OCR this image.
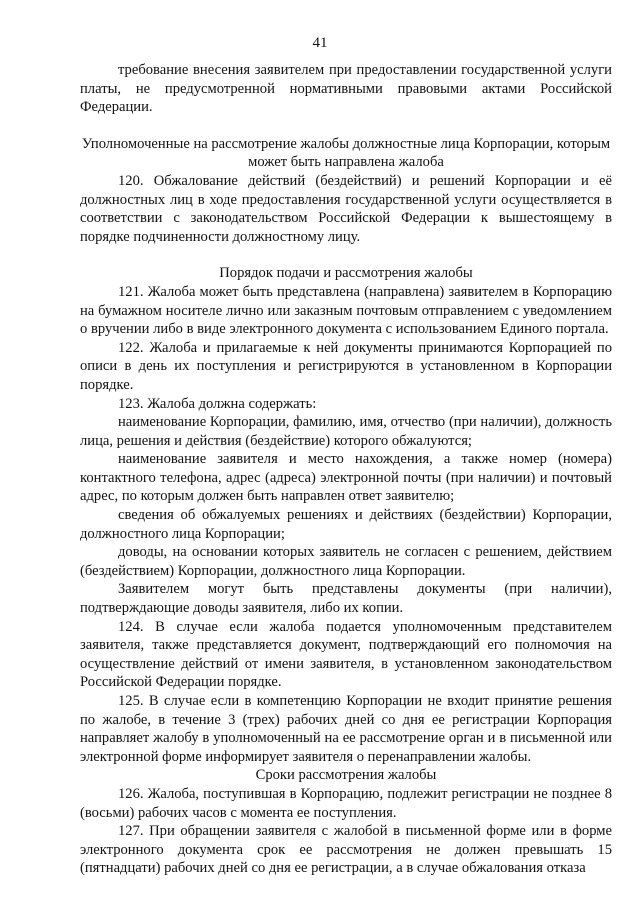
41

требование внесения заявителем при предоставлении государственной услуги платы, не предусмотренной нормативными правовыми актами Российской Федерации.

Уполномоченные на рассмотрение жалобы должностные лица Корпорации, которым может быть направлена жалоба

120. Обжалование действий (бездействий) и решений Корпорации и её должностных лиц в ходе предоставления государственной услуги осуществляется в соответствии с законодательством Российской Федерации к вышестоящему в порядке подчиненности должностному лицу.

Порядок подачи и рассмотрения жалобы

121. Жалоба может быть представлена (направлена) заявителем в Корпорацию на бумажном носителе лично или заказным почтовым отправлением с уведомлением о вручении либо в виде электронного документа с использованием Единого портала.

122. Жалоба и прилагаемые к ней документы принимаются Корпорацией по описи в день их поступления и регистрируются в установленном в Корпорации порядке.

123. Жалоба должна содержать:

наименование Корпорации, фамилию, имя, отчество (при наличии), должность лица, решения и действия (бездействие) которого обжалуются;

наименование заявителя и место нахождения, а также номер (номера) контактного телефона, адрес (адреса) электронной почты (при наличии) и почтовый адрес, по которым должен быть направлен ответ заявителю;

сведения об обжалуемых решениях и действиях (бездействии) Корпорации, должностного лица Корпорации;

доводы, на основании которых заявитель не согласен с решением, действием (бездействием) Корпорации, должностного лица Корпорации.

Заявителем могут быть представлены документы (при наличии), подтверждающие доводы заявителя, либо их копии.

124. В случае если жалоба подается уполномоченным представителем заявителя, также представляется документ, подтверждающий его полномочия на осуществление действий от имени заявителя, в установленном законодательством Российской Федерации порядке.

125. В случае если в компетенцию Корпорации не входит принятие решения по жалобе, в течение 3 (трех) рабочих дней со дня ее регистрации Корпорация направляет жалобу в уполномоченный на ее рассмотрение орган и в письменной или электронной форме информирует заявителя о перенаправлении жалобы.

Сроки рассмотрения жалобы

126. Жалоба, поступившая в Корпорацию, подлежит регистрации не позднее 8 (восьми) рабочих часов с момента ее поступления.

127. При обращении заявителя с жалобой в письменной форме или в форме электронного документа срок ее рассмотрения не должен превышать 15 (пятнадцати) рабочих дней со дня ее регистрации, а в случае обжалования отказа
